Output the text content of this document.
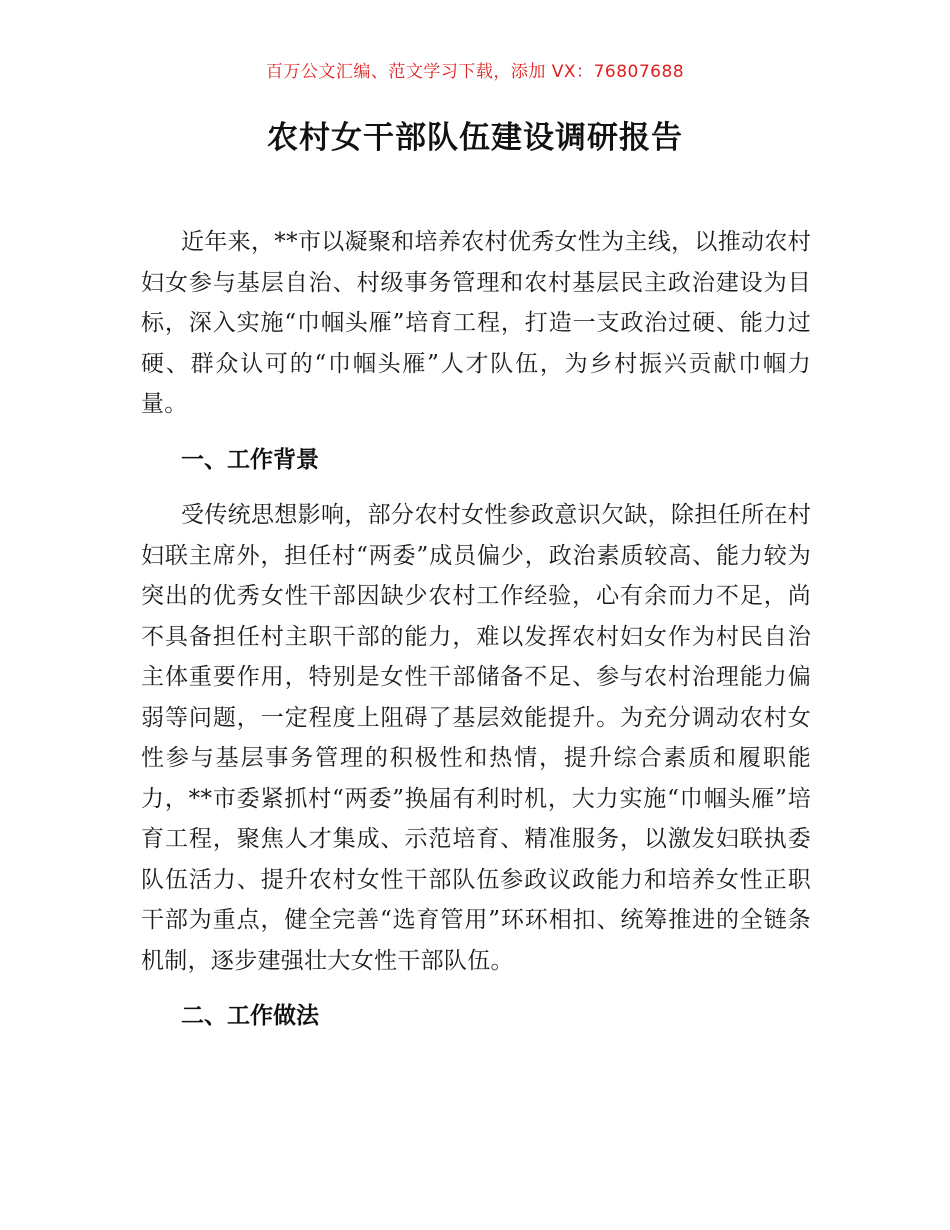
百万公文汇编、范文学习下载，添加 VX：76807688
农村女干部队伍建设调研报告

近年来，**市以凝聚和培养农村优秀女性为主线，以推动农村妇女参与基层自治、村级事务管理和农村基层民主政治建设为目标，深入实施“巾帼头雁”培育工程，打造一支政治过硬、能力过硬、群众认可的“巾帼头雁”人才队伍，为乡村振兴贡献巾帼力量。

一、工作背景

受传统思想影响，部分农村女性参政意识欠缺，除担任所在村妇联主席外，担任村“两委”成员偏少，政治素质较高、能力较为突出的优秀女性干部因缺少农村工作经验，心有余而力不足，尚不具备担任村主职干部的能力，难以发挥农村妇女作为村民自治主体重要作用，特别是女性干部储备不足、参与农村治理能力偏弱等问题，一定程度上阻碍了基层效能提升。为充分调动农村女性参与基层事务管理的积极性和热情，提升综合素质和履职能力，**市委紧抓村“两委”换届有利时机，大力实施“巾帼头雁”培育工程，聚焦人才集成、示范培育、精准服务，以激发妇联执委队伍活力、提升农村女性干部队伍参政议政能力和培养女性正职干部为重点，健全完善“选育管用”环环相扣、统筹推进的全链条机制，逐步建强壮大女性干部队伍。

二、工作做法
